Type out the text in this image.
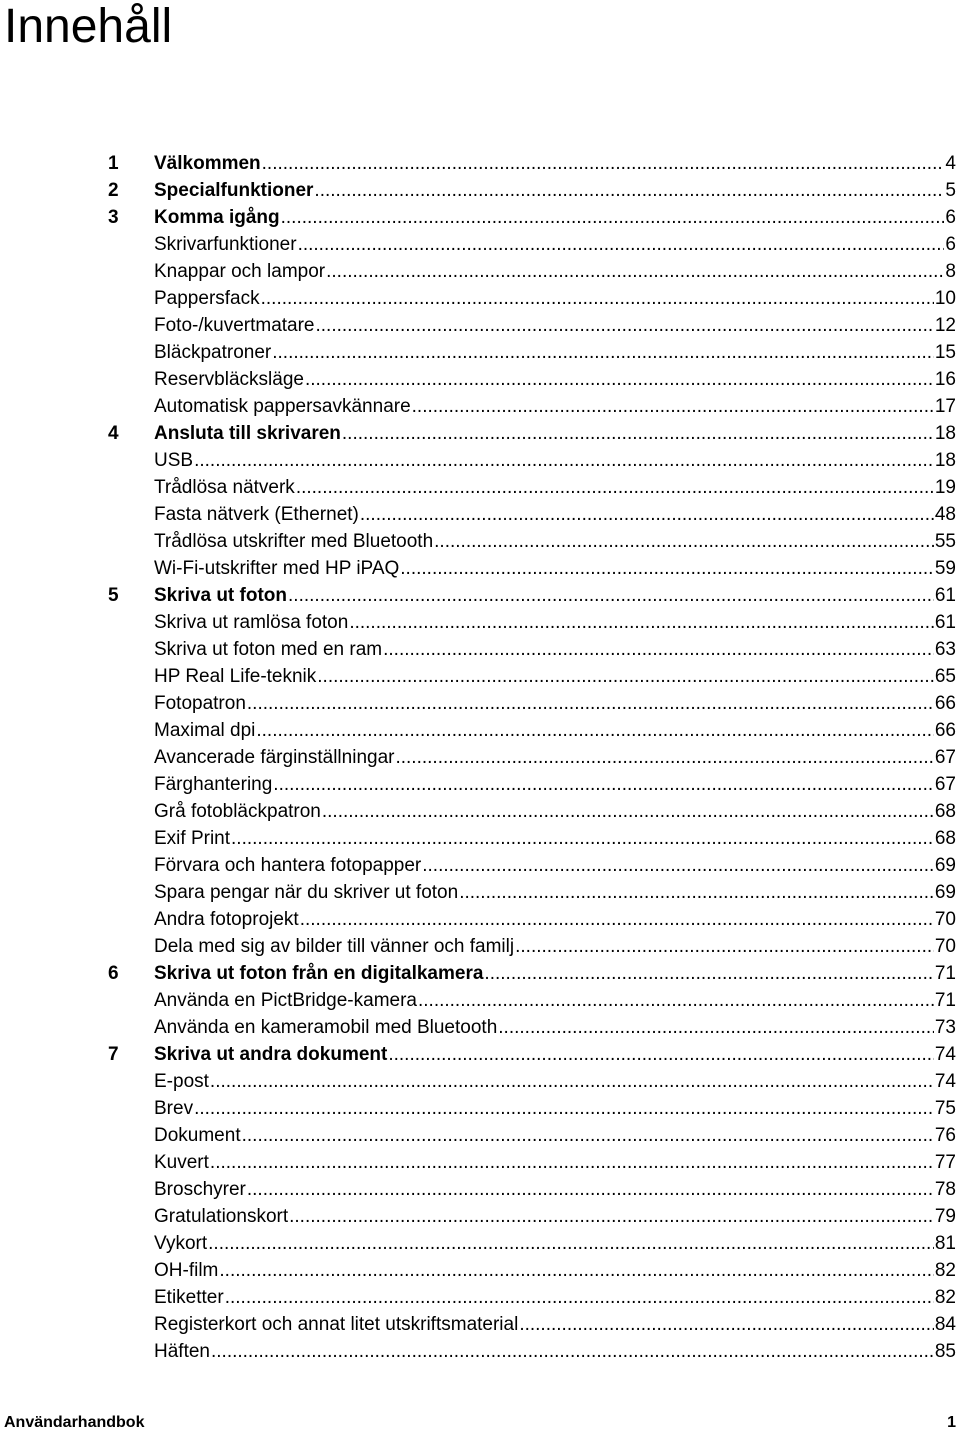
Innehåll
1	Välkommen .....	4
2	Specialfunktioner .....	5
3	Komma igång .....	6
Skrivarfunktioner .....	6
Knappar och lampor .....	8
Pappersfack .....	10
Foto-/kuvertmatare .....	12
Bläckpatroner .....	15
Reservbläcksläge .....	16
Automatisk pappersavkännare .....	17
4	Ansluta till skrivaren .....	18
USB .....	18
Trådlösa nätverk .....	19
Fasta nätverk (Ethernet) .....	48
Trådlösa utskrifter med Bluetooth .....	55
Wi-Fi-utskrifter med HP iPAQ .....	59
5	Skriva ut foton .....	61
Skriva ut ramlösa foton .....	61
Skriva ut foton med en ram .....	63
HP Real Life-teknik .....	65
Fotopatron .....	66
Maximal dpi .....	66
Avancerade färginställningar .....	67
Färghantering .....	67
Grå fotobläckpatron .....	68
Exif Print .....	68
Förvara och hantera fotopapper .....	69
Spara pengar när du skriver ut foton .....	69
Andra fotoprojekt .....	70
Dela med sig av bilder till vänner och familj .....	70
6	Skriva ut foton från en digitalkamera .....	71
Använda en PictBridge-kamera .....	71
Använda en kameramobil med Bluetooth .....	73
7	Skriva ut andra dokument .....	74
E-post .....	74
Brev .....	75
Dokument .....	76
Kuvert .....	77
Broschyrer .....	78
Gratulationskort .....	79
Vykort .....	81
OH-film .....	82
Etiketter .....	82
Registerkort och annat litet utskriftsmaterial .....	84
Häften .....	85
Användarhandbok	1
